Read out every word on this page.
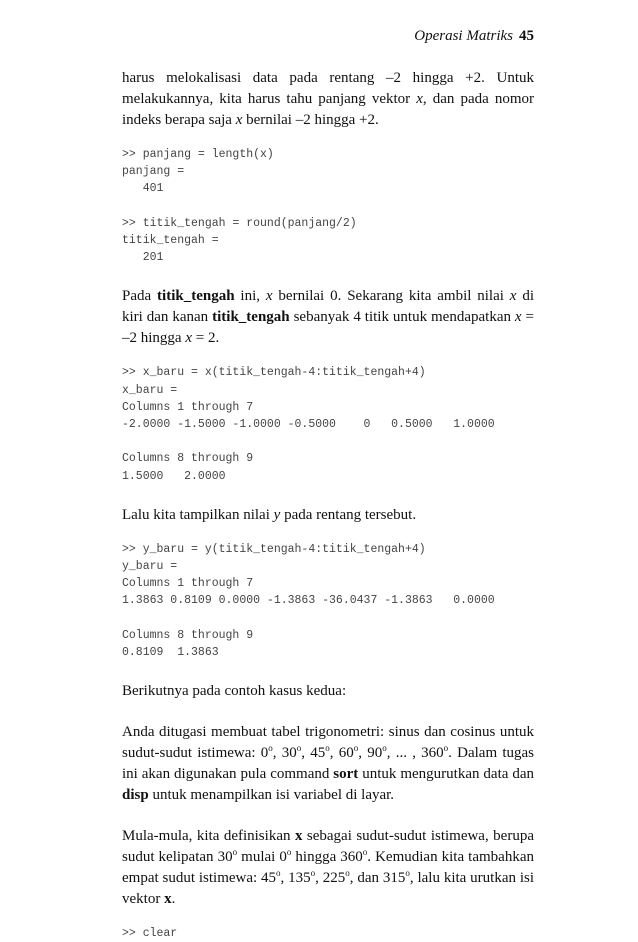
Operasi Matriks 45

harus melokalisasi data pada rentang –2 hingga +2. Untuk melakukannya, kita harus tahu panjang vektor x, dan pada nomor indeks berapa saja x bernilai –2 hingga +2.

>> panjang = length(x)
panjang =
401

>> titik_tengah = round(panjang/2)
titik_tengah =
201

Pada titik_tengah ini, x bernilai 0. Sekarang kita ambil nilai x di kiri dan kanan titik_tengah sebanyak 4 titik untuk mendapatkan x = –2 hingga x = 2.

>> x_baru = x(titik_tengah-4:titik_tengah+4)
x_baru =
Columns 1 through 7
-2.0000 -1.5000 -1.0000 -0.5000    0   0.5000   1.0000

Columns 8 through 9
1.5000   2.0000

Lalu kita tampilkan nilai y pada rentang tersebut.

>> y_baru = y(titik_tengah-4:titik_tengah+4)
y_baru =
Columns 1 through 7
1.3863 0.8109 0.0000 -1.3863 -36.0437 -1.3863   0.0000

Columns 8 through 9
0.8109  1.3863

Berikutnya pada contoh kasus kedua:

Anda ditugasi membuat tabel trigonometri: sinus dan cosinus untuk sudut-sudut istimewa: 0$^o$, 30$^o$, 45$^o$, 60$^o$, 90$^o$, ... , 360$^o$. Dalam tugas ini akan digunakan pula command sort untuk mengurutkan data dan disp untuk menampilkan isi variabel di layar.

Mula-mula, kita definisikan x sebagai sudut-sudut istimewa, berupa sudut kelipatan 30$^o$ mulai 0$^o$ hingga 360$^o$. Kemudian kita tambahkan empat sudut istimewa: 45$^o$, 135$^o$, 225$^o$, dan 315$^o$, lalu kita urutkan isi vektor x.

>> clear
